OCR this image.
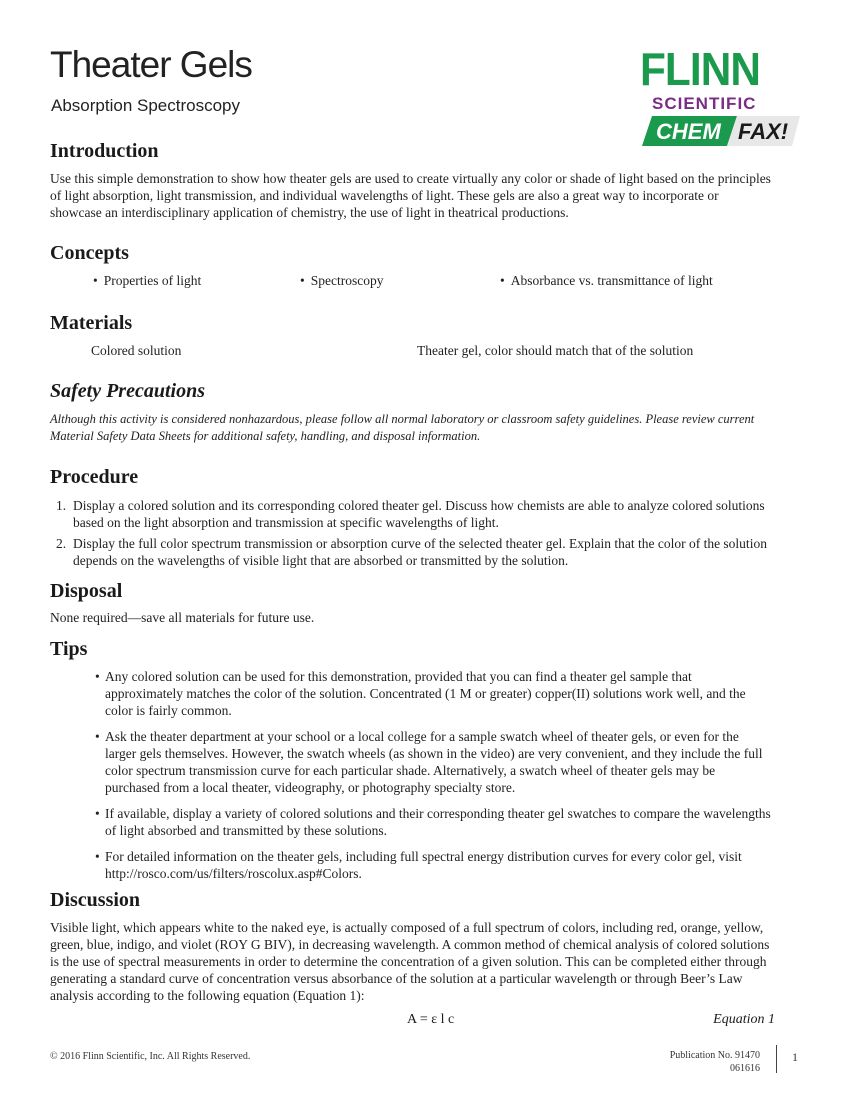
Theater Gels
Absorption Spectroscopy
FLINN
SCIENTIFIC
CHEM FAX!
Introduction

Use this simple demonstration to show how theater gels are used to create virtually any color or shade of light based on the principles of light absorption, light transmission, and individual wavelengths of light. These gels are also a great way to incorporate or showcase an interdisciplinary application of chemistry, the use of light in theatrical productions.

Concepts
• Properties of light	• Spectroscopy	• Absorbance vs. transmittance of light
Materials
Colored solution	Theater gel, color should match that of the solution
Safety Precautions

Although this activity is considered nonhazardous, please follow all normal laboratory or classroom safety guidelines. Please review current Material Safety Data Sheets for additional safety, handling, and disposal information.

Procedure
1. Display a colored solution and its corresponding colored theater gel. Discuss how chemists are able to analyze colored solutions based on the light absorption and transmission at specific wavelengths of light.
2. Display the full color spectrum transmission or absorption curve of the selected theater gel. Explain that the color of the solution depends on the wavelengths of visible light that are absorbed or transmitted by the solution.
Disposal

None required—save all materials for future use.

Tips
• Any colored solution can be used for this demonstration, provided that you can find a theater gel sample that approximately matches the color of the solution. Concentrated (1 M or greater) copper(II) solutions work well, and the color is fairly common.
• Ask the theater department at your school or a local college for a sample swatch wheel of theater gels, or even for the larger gels themselves. However, the swatch wheels (as shown in the video) are very convenient, and they include the full color spectrum transmission curve for each particular shade. Alternatively, a swatch wheel of theater gels may be purchased from a local theater, videography, or photography specialty store.
• If available, display a variety of colored solutions and their corresponding theater gel swatches to compare the wavelengths of light absorbed and transmitted by these solutions.
• For detailed information on the theater gels, including full spectral energy distribution curves for every color gel, visit http://rosco.com/us/filters/roscolux.asp#Colors.
Discussion

Visible light, which appears white to the naked eye, is actually composed of a full spectrum of colors, including red, orange, yellow, green, blue, indigo, and violet (ROY G BIV), in decreasing wavelength. A common method of chemical analysis of colored solutions is the use of spectral measurements in order to determine the concentration of a given solution. This can be completed either through generating a standard curve of concentration versus absorbance of the solution at a particular wavelength or through Beer’s Law analysis according to the following equation (Equation 1):

A = ε l c	Equation 1
© 2016 Flinn Scientific, Inc. All Rights Reserved.	Publication No. 91470
061616
1
